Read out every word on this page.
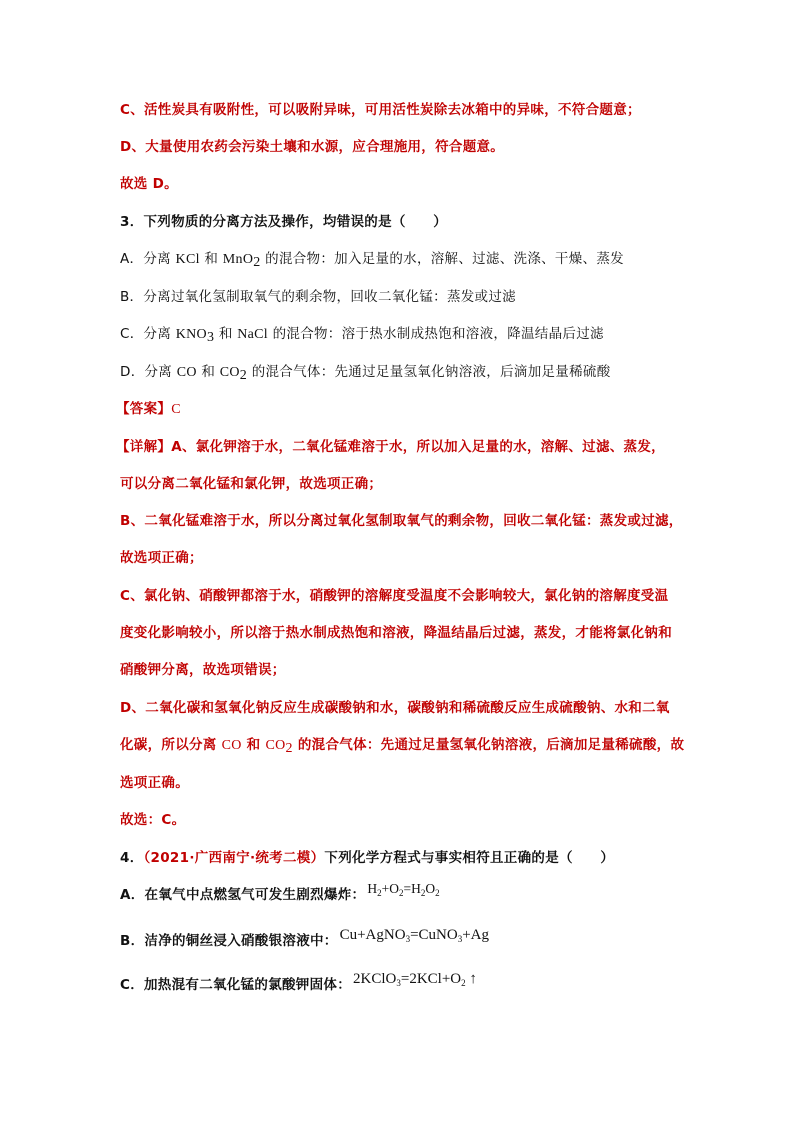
C、活性炭具有吸附性，可以吸附异味，可用活性炭除去冰箱中的异味，不符合题意；
D、大量使用农药会污染土壤和水源，应合理施用，符合题意。
故选 D。
3．下列物质的分离方法及操作，均错误的是（　　）
A．分离 KCl 和 MnO$_2$ 的混合物：加入足量的水，溶解、过滤、洗涤、干燥、蒸发
B．分离过氧化氢制取氧气的剩余物，回收二氧化锰：蒸发或过滤
C．分离 $KNO_3$ 和 NaCl 的混合物：溶于热水制成热饱和溶液，降温结晶后过滤
D．分离 CO 和 $CO_2$ 的混合气体：先通过足量氢氧化钠溶液，后滴加足量稀硫酸
【答案】C
【详解】A、氯化钾溶于水，二氧化锰难溶于水，所以加入足量的水，溶解、过滤、蒸发，
可以分离二氧化锰和氯化钾，故选项正确；
B、二氧化锰难溶于水，所以分离过氧化氢制取氧气的剩余物，回收二氧化锰：蒸发或过滤，
故选项正确；
C、氯化钠、硝酸钾都溶于水，硝酸钾的溶解度受温度不会影响较大，氯化钠的溶解度受温
度变化影响较小，所以溶于热水制成热饱和溶液，降温结晶后过滤，蒸发，才能将氯化钠和
硝酸钾分离，故选项错误；
D、二氧化碳和氢氧化钠反应生成碳酸钠和水，碳酸钠和稀硫酸反应生成硫酸钠、水和二氧
化碳，所以分离 CO 和 $CO_2$ 的混合气体：先通过足量氢氧化钠溶液，后滴加足量稀硫酸，故
选项正确。
故选：C。
4．（2021·广西南宁·统考二模）下列化学方程式与事实相符且正确的是（　　）
A．在氧气中点燃氢气可发生剧烈爆炸： $H_2+O_2=H_2O_2$
B．洁净的铜丝浸入硝酸银溶液中： Cu+AgNO$_3$=CuNO$_3$+Ag
C．加热混有二氧化锰的氯酸钾固体： $2KClO_3=2KCl+O_2$ ↑
